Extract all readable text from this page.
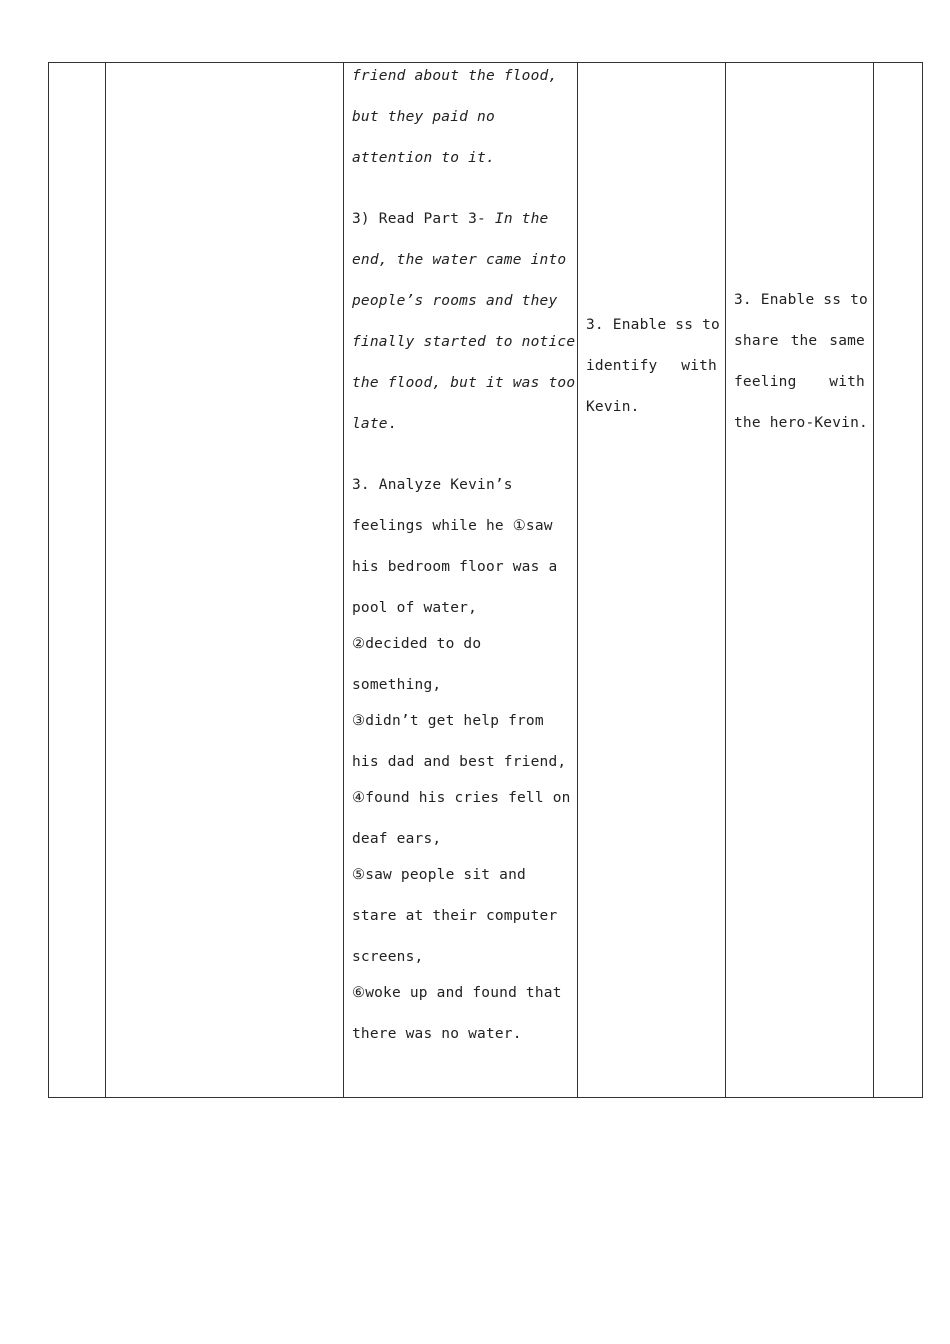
friend about the flood,
but they paid no
attention to it.
3) Read Part 3- In the
end, the water came into
people’s rooms and they
finally started to notice
the flood, but it was too
late.
3. Analyze Kevin’s
feelings while he ①saw
his bedroom floor was a
pool of water,
②decided to do
something,
③didn’t get help from
his dad and best friend,
④found his cries fell on
deaf ears,
⑤saw people sit and
stare at their computer
screens,
⑥woke up and found that
there was no water.

3. Enable ss to
identify with
Kevin.

3. Enable ss to
share the same
feeling with
the hero-Kevin.
